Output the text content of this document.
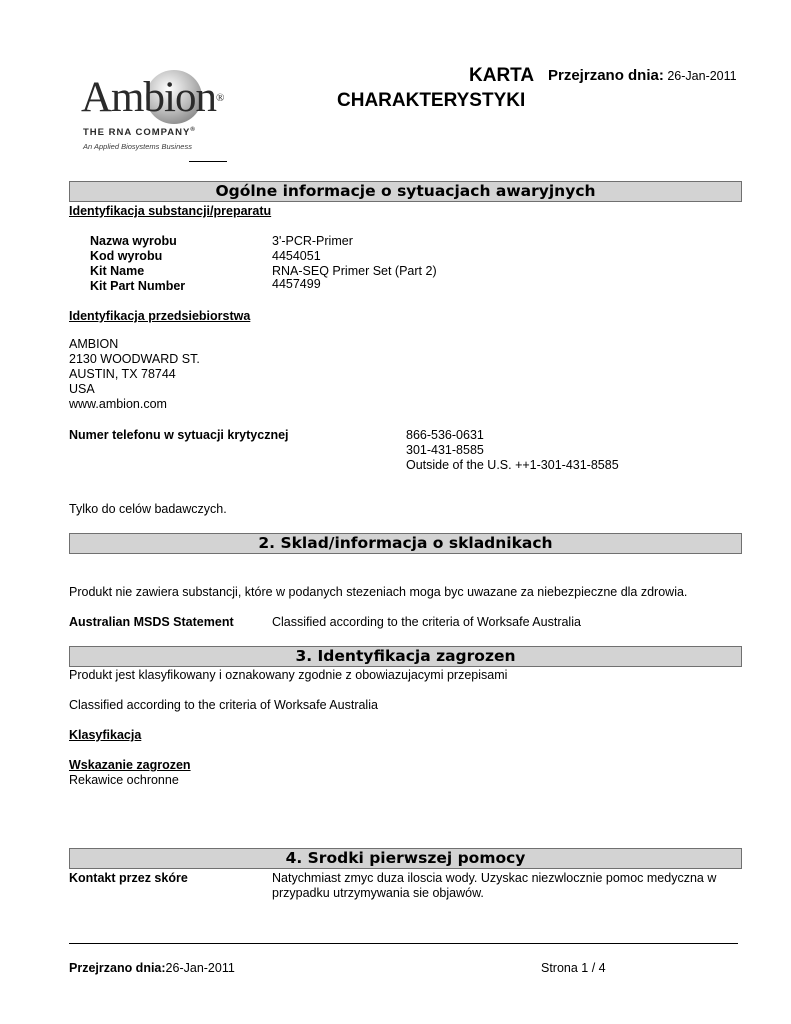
Ambion®
THE RNA COMPANY®
An Applied Biosystems Business
KARTA
CHARAKTERYSTYKI
Przejrzano dnia: 26-Jan-2011
Ogólne informacje o sytuacjach awaryjnych
Identyfikacja substancji/preparatu
Nazwa wyrobu	3'-PCR-Primer
Kod wyrobu	4454051
Kit Name	RNA-SEQ Primer Set (Part 2)
Kit Part Number	4457499
Identyfikacja przedsiebiorstwa
AMBION
2130 WOODWARD ST.
AUSTIN, TX 78744
USA
www.ambion.com
Numer telefonu w sytuacji krytycznej	866-536-0631
301-431-8585
Outside of the U.S. ++1-301-431-8585
Tylko do celów badawczych.
2. Sklad/informacja o skladnikach
Produkt nie zawiera substancji, które w podanych stezeniach moga byc uwazane za niebezpieczne dla zdrowia.
Australian MSDS Statement	Classified according to the criteria of Worksafe Australia
3. Identyfikacja zagrozen
Produkt jest klasyfikowany i oznakowany zgodnie z obowiazujacymi przepisami
Classified according to the criteria of Worksafe Australia
Klasyfikacja
Wskazanie zagrozen
Rekawice ochronne
4. Srodki pierwszej pomocy
Kontakt przez skóre	Natychmiast zmyc duza iloscia wody. Uzyskac niezwlocznie pomoc medyczna w
przypadku utrzymywania sie objawów.
Przejrzano dnia:26-Jan-2011	Strona 1 / 4
